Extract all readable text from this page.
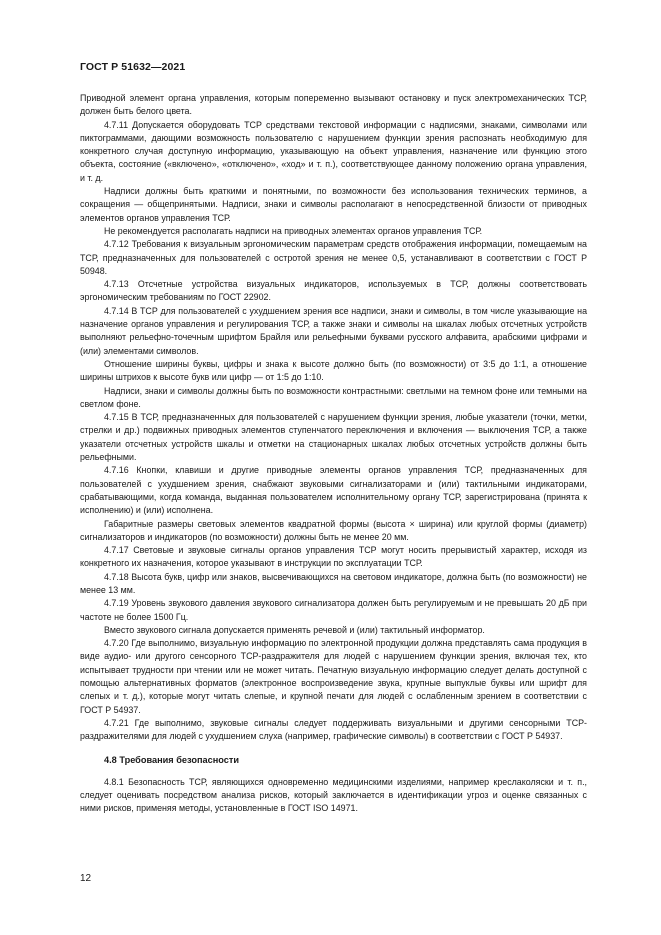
ГОСТ Р 51632—2021

Приводной элемент органа управления, которым попеременно вызывают остановку и пуск электромеханических ТСР, должен быть белого цвета.

4.7.11 Допускается оборудовать ТСР средствами текстовой информации с надписями, знаками, символами или пиктограммами, дающими возможность пользователю с нарушением функции зрения распознать необходимую для конкретного случая доступную информацию, указывающую на объект управления, назначение или функцию этого объекта, состояние («включено», «отключено», «ход» и т. п.), соответствующее данному положению органа управления, и т. д.

Надписи должны быть краткими и понятными, по возможности без использования технических терминов, а сокращения — общепринятыми. Надписи, знаки и символы располагают в непосредственной близости от приводных элементов органов управления ТСР.

Не рекомендуется располагать надписи на приводных элементах органов управления ТСР.

4.7.12 Требования к визуальным эргономическим параметрам средств отображения информации, помещаемым на ТСР, предназначенных для пользователей с остротой зрения не менее 0,5, устанавливают в соответствии с ГОСТ Р 50948.

4.7.13 Отсчетные устройства визуальных индикаторов, используемых в ТСР, должны соответствовать эргономическим требованиям по ГОСТ 22902.

4.7.14 В ТСР для пользователей с ухудшением зрения все надписи, знаки и символы, в том числе указывающие на назначение органов управления и регулирования ТСР, а также знаки и символы на шкалах любых отсчетных устройств выполняют рельефно-точечным шрифтом Брайля или рельефными буквами русского алфавита, арабскими цифрами и (или) элементами символов.

Отношение ширины буквы, цифры и знака к высоте должно быть (по возможности) от 3:5 до 1:1, а отношение ширины штрихов к высоте букв или цифр — от 1:5 до 1:10.

Надписи, знаки и символы должны быть по возможности контрастными: светлыми на темном фоне или темными на светлом фоне.

4.7.15 В ТСР, предназначенных для пользователей с нарушением функции зрения, любые указатели (точки, метки, стрелки и др.) подвижных приводных элементов ступенчатого переключения и включения — выключения ТСР, а также указатели отсчетных устройств шкалы и отметки на стационарных шкалах любых отсчетных устройств должны быть рельефными.

4.7.16 Кнопки, клавиши и другие приводные элементы органов управления ТСР, предназначенных для пользователей с ухудшением зрения, снабжают звуковыми сигнализаторами и (или) тактильными индикаторами, срабатывающими, когда команда, выданная пользователем исполнительному органу ТСР, зарегистрирована (принята к исполнению) и (или) исполнена.

Габаритные размеры световых элементов квадратной формы (высота × ширина) или круглой формы (диаметр) сигнализаторов и индикаторов (по возможности) должны быть не менее 20 мм.

4.7.17 Световые и звуковые сигналы органов управления ТСР могут носить прерывистый характер, исходя из конкретного их назначения, которое указывают в инструкции по эксплуатации ТСР.

4.7.18 Высота букв, цифр или знаков, высвечивающихся на световом индикаторе, должна быть (по возможности) не менее 13 мм.

4.7.19 Уровень звукового давления звукового сигнализатора должен быть регулируемым и не превышать 20 дБ при частоте не более 1500 Гц.

Вместо звукового сигнала допускается применять речевой и (или) тактильный информатор.

4.7.20 Где выполнимо, визуальную информацию по электронной продукции должна представлять сама продукция в виде аудио- или другого сенсорного ТСР-раздражителя для людей с нарушением функции зрения, включая тех, кто испытывает трудности при чтении или не может читать. Печатную визуальную информацию следует делать доступной с помощью альтернативных форматов (электронное воспроизведение звука, крупные выпуклые буквы или шрифт для слепых и т. д.), которые могут читать слепые, и крупной печати для людей с ослабленным зрением в соответствии с ГОСТ Р 54937.

4.7.21 Где выполнимо, звуковые сигналы следует поддерживать визуальными и другими сенсорными ТСР-раздражителями для людей с ухудшением слуха (например, графические символы) в соответствии с ГОСТ Р 54937.

4.8 Требования безопасности

4.8.1 Безопасность ТСР, являющихся одновременно медицинскими изделиями, например креслаколяски и т. п., следует оценивать посредством анализа рисков, который заключается в идентификации угроз и оценке связанных с ними рисков, применяя методы, установленные в ГОСТ ISO 14971.

12
